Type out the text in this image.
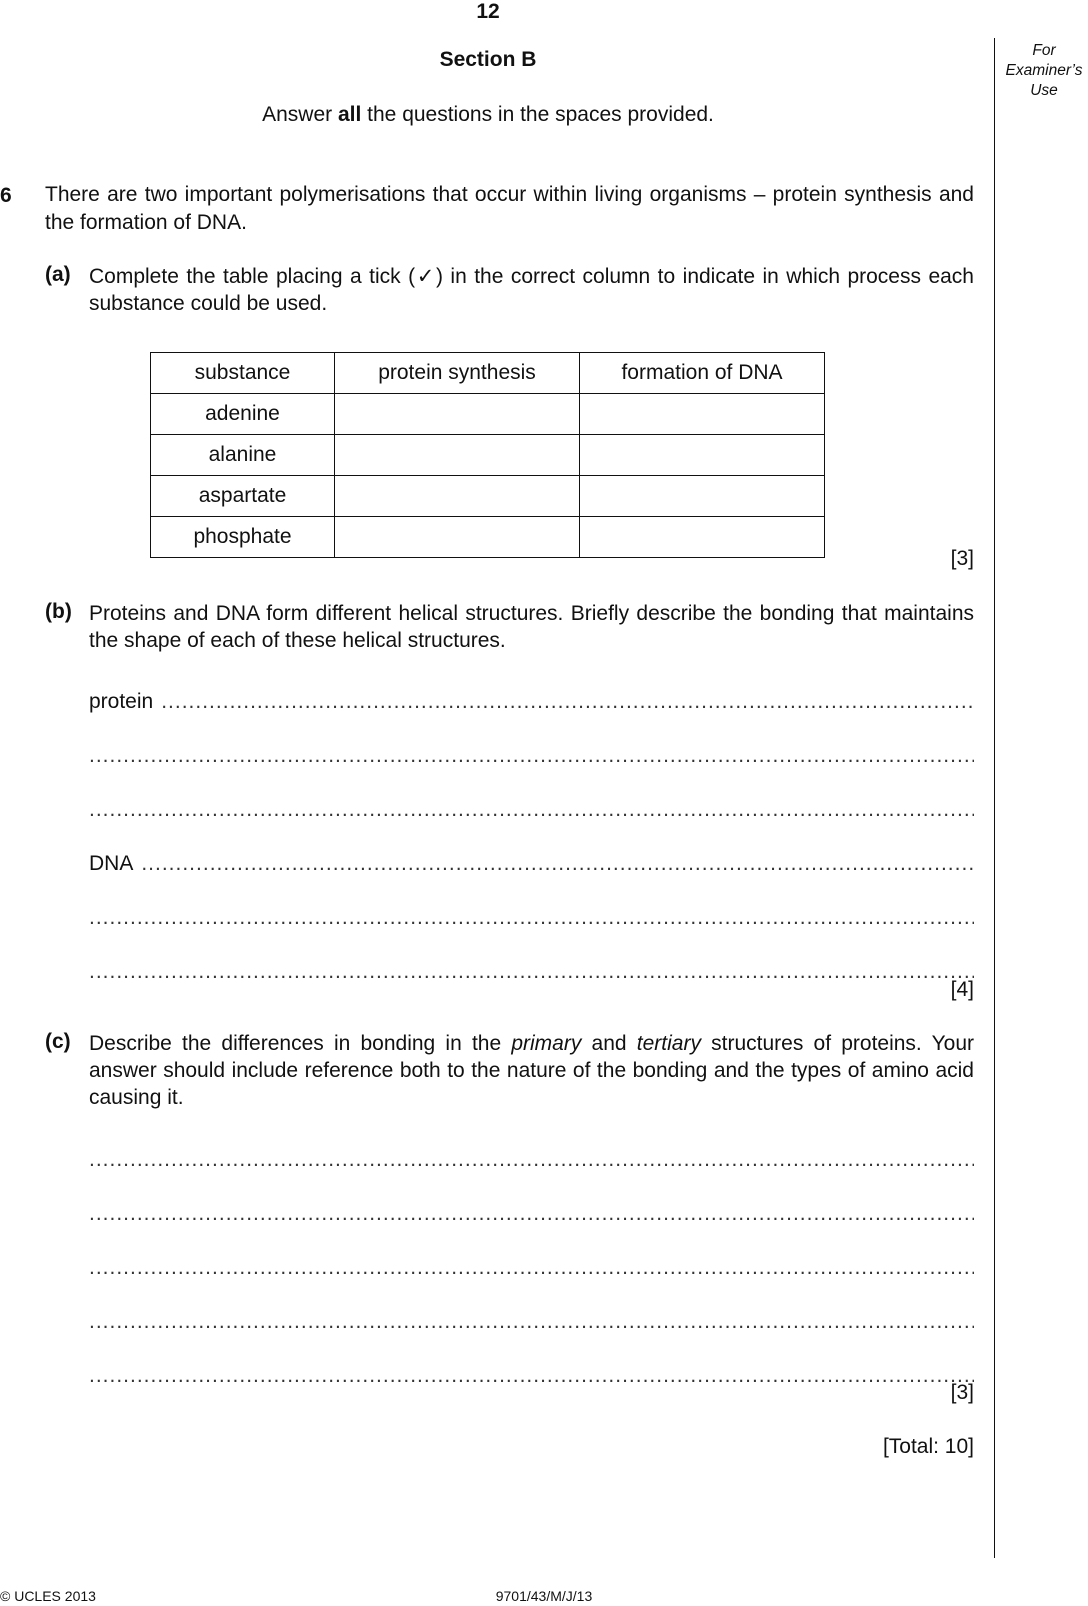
12
Section B
Answer all the questions in the spaces provided.
For
Examiner’s
Use
6 There are two important polymerisations that occur within living organisms – protein synthesis and the formation of DNA.
(a) Complete the table placing a tick (✓) in the correct column to indicate in which process each substance could be used.
substance	protein synthesis	formation of DNA
adenine		
alanine		
aspartate		
phosphate		
[3]
(b) Proteins and DNA form different helical structures. Briefly describe the bonding that maintains the shape of each of these helical structures.
protein
.....
.....
.....
DNA
.....
.....
.....
[4]
(c) Describe the differences in bonding in the primary and tertiary structures of proteins. Your answer should include reference both to the nature of the bonding and the types of amino acid causing it.
.....
.....
.....
.....
.....
[3]
[Total: 10]
© UCLES 2013	9701/43/M/J/13
